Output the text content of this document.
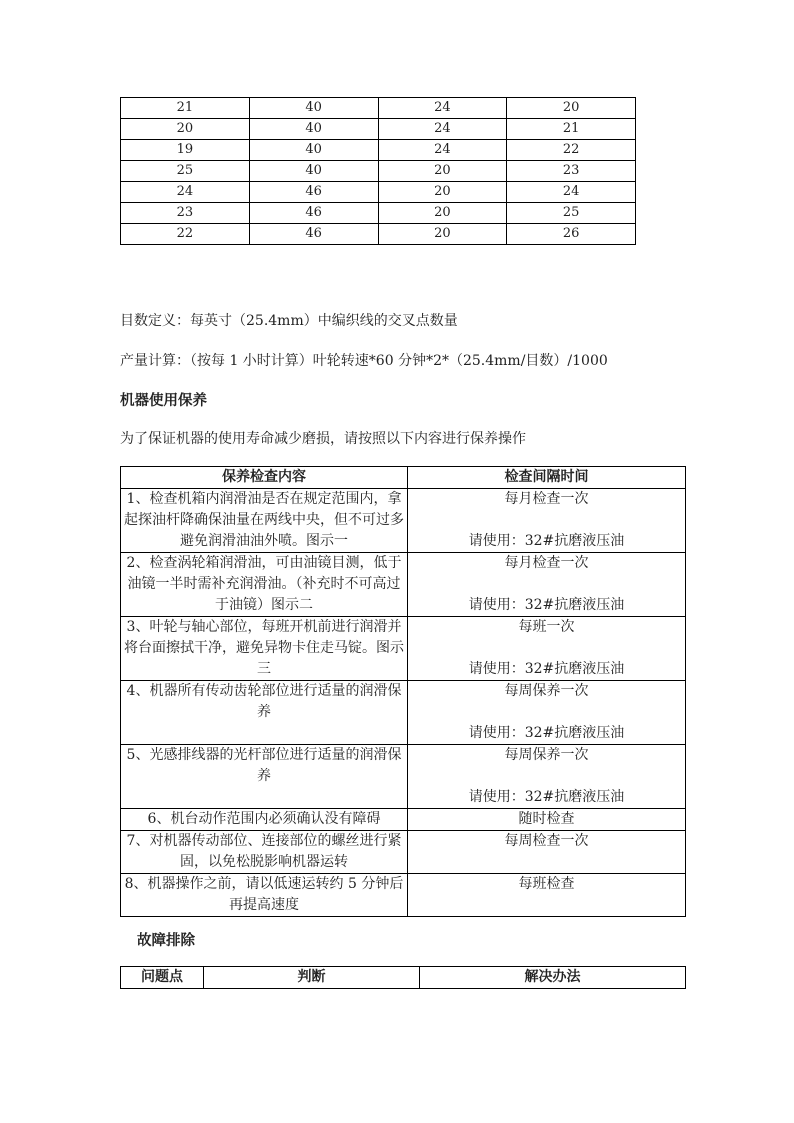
21	40	24	20
20	40	24	21
19	40	24	22
25	40	20	23
24	46	20	24
23	46	20	25
22	46	20	26
目数定义：每英寸（25.4mm）中编织线的交叉点数量
产量计算：（按每 1 小时计算）叶轮转速*60 分钟*2*（25.4mm/目数）/1000
机器使用保养
为了保证机器的使用寿命减少磨损，请按照以下内容进行保养操作
保养检查内容	检查间隔时间
1、检查机箱内润滑油是否在规定范围内，拿起探油杆降确保油量在两线中央，但不可过多避免润滑油油外喷。图示一	每月检查一次
请使用：32#抗磨液压油
2、检查涡轮箱润滑油，可由油镜目测，低于油镜一半时需补充润滑油。（补充时不可高过于油镜）图示二	每月检查一次
请使用：32#抗磨液压油
3、叶轮与轴心部位，每班开机前进行润滑并将台面擦拭干净，避免异物卡住走马锭。图示三	每班一次
请使用：32#抗磨液压油
4、机器所有传动齿轮部位进行适量的润滑保养	每周保养一次
请使用：32#抗磨液压油
5、光感排线器的光杆部位进行适量的润滑保养	每周保养一次
请使用：32#抗磨液压油
6、机台动作范围内必须确认没有障碍	随时检查
7、对机器传动部位、连接部位的螺丝进行紧固，以免松脱影响机器运转	每周检查一次
8、机器操作之前，请以低速运转约 5 分钟后再提高速度	每班检查
故障排除
问题点	判断	解决办法
